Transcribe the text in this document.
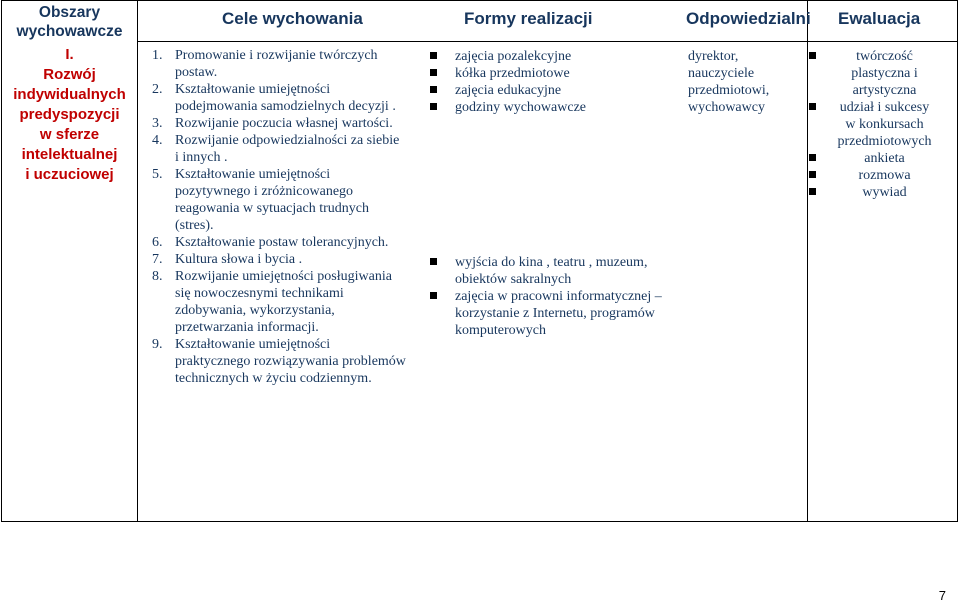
Obszary
wychowawcze
Cele wychowania	Formy realizacji	Odpowiedzialni Ewaluacja
I.
Rozwój
indywidualnych
predyspozycji
w sferze
intelektualnej
i uczuciowej
1. Promowanie i rozwijanie twórczych
postaw.
2. Kształtowanie umiejętności
podejmowania samodzielnych decyzji .
3. Rozwijanie poczucia własnej wartości.
4. Rozwijanie odpowiedzialności za siebie
i innych .
5. Kształtowanie umiejętności
pozytywnego i zróżnicowanego
reagowania w sytuacjach trudnych
(stres).
6. Kształtowanie postaw tolerancyjnych.
7. Kultura słowa i bycia .
8. Rozwijanie umiejętności posługiwania
się nowoczesnymi technikami
zdobywania, wykorzystania,
przetwarzania informacji.
9. Kształtowanie umiejętności
praktycznego rozwiązywania problemów
technicznych w życiu codziennym.
zajęcia pozalekcyjne
kółka przedmiotowe
zajęcia edukacyjne
godziny wychowawcze
wyjścia do kina , teatru , muzeum,
obiektów sakralnych
zajęcia w pracowni informatycznej –
korzystanie z Internetu, programów
komputerowych
dyrektor,
nauczyciele
przedmiotowi,
wychowawcy
twórczość
plastyczna i
artystyczna
udział i sukcesy
w konkursach
przedmiotowych
ankieta
rozmowa
wywiad
7
